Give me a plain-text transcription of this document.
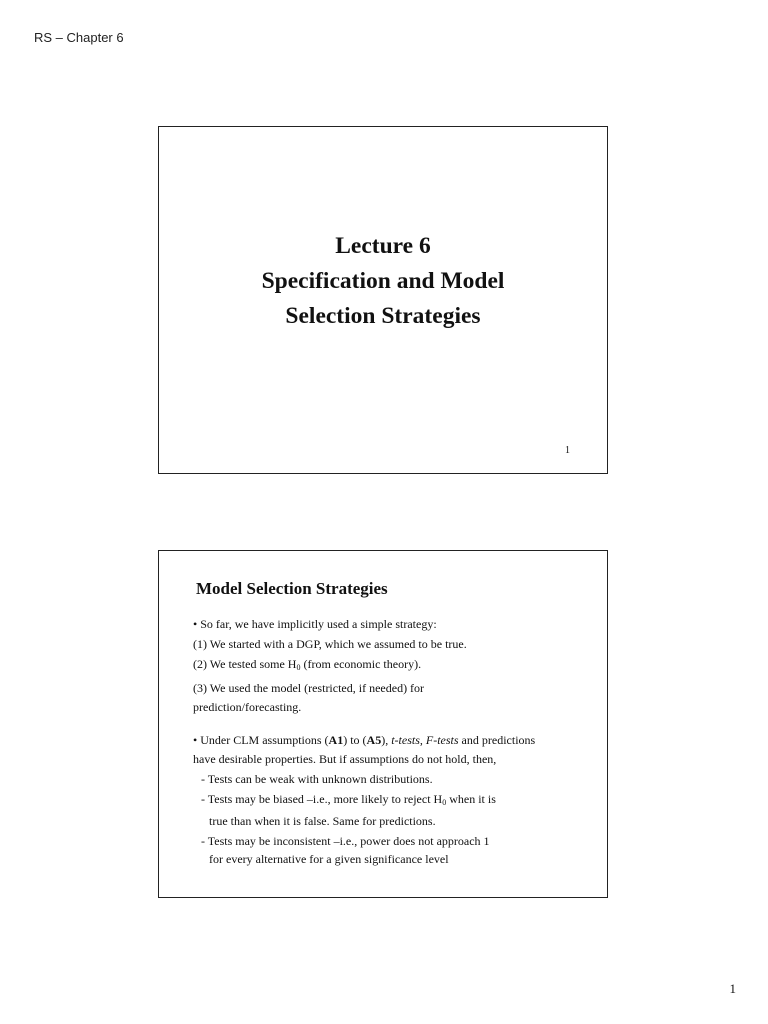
RS – Chapter 6
Lecture 6
Specification and Model
Selection Strategies
1
Model Selection Strategies

• So far, we have implicitly used a simple strategy:

(1) We started with a DGP, which we assumed to be true.

(2) We tested some $H_0$ (from economic theory).

(3) We used the model (restricted, if needed) for

prediction/forecasting.

• Under CLM assumptions (A1) to (A5), t-tests, F-tests and predictions

have desirable properties. But if assumptions do not hold, then,

- Tests can be weak with unknown distributions.

- Tests may be biased –i.e., more likely to reject $H_0$ when it is

true than when it is false. Same for predictions.

- Tests may be inconsistent –i.e., power does not approach 1

for every alternative for a given significance level

1
